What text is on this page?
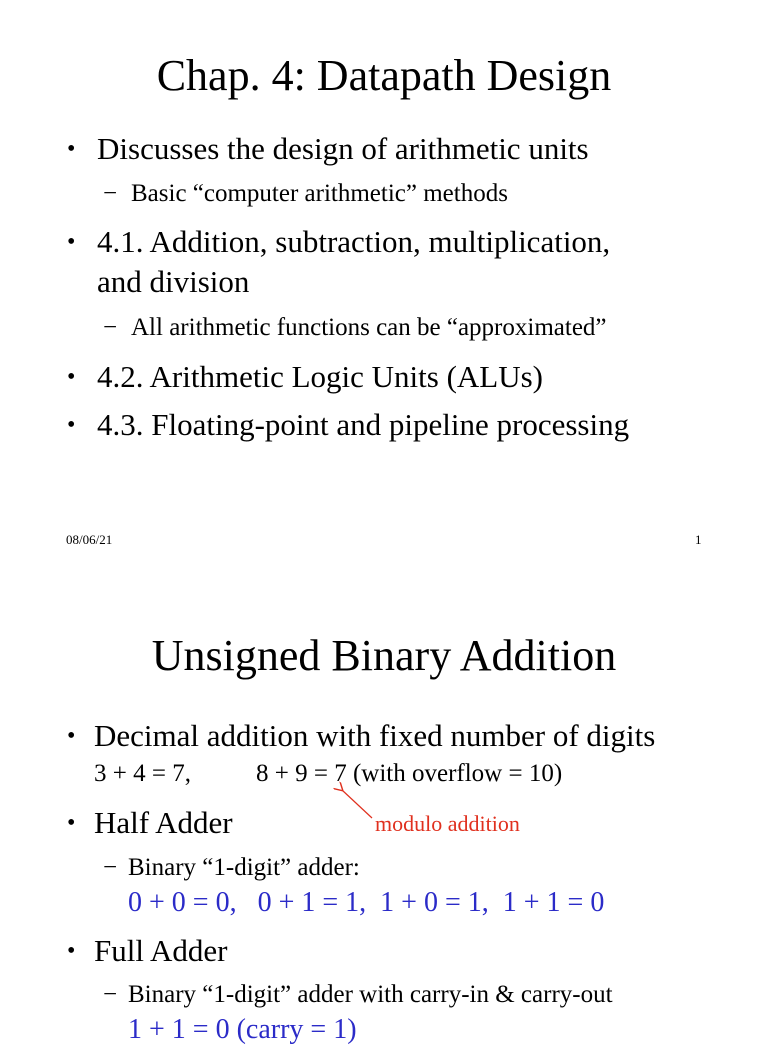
Chap. 4: Datapath Design
• Discusses the design of arithmetic units
− Basic “computer arithmetic” methods
• 4.1. Addition, subtraction, multiplication,
and division
− All arithmetic functions can be “approximated”
• 4.2. Arithmetic Logic Units (ALUs)
• 4.3. Floating-point and pipeline processing
08/06/21	1
Unsigned Binary Addition
• Decimal addition with fixed number of digits
3 + 4 = 7,	8 + 9 = 7 (with overflow = 10)
modulo addition
• Half Adder
− Binary “1-digit” adder:
0 + 0 = 0,   0 + 1 = 1,  1 + 0 = 1,  1 + 1 = 0
• Full Adder
− Binary “1-digit” adder with carry-in & carry-out
1 + 1 = 0 (carry = 1)
